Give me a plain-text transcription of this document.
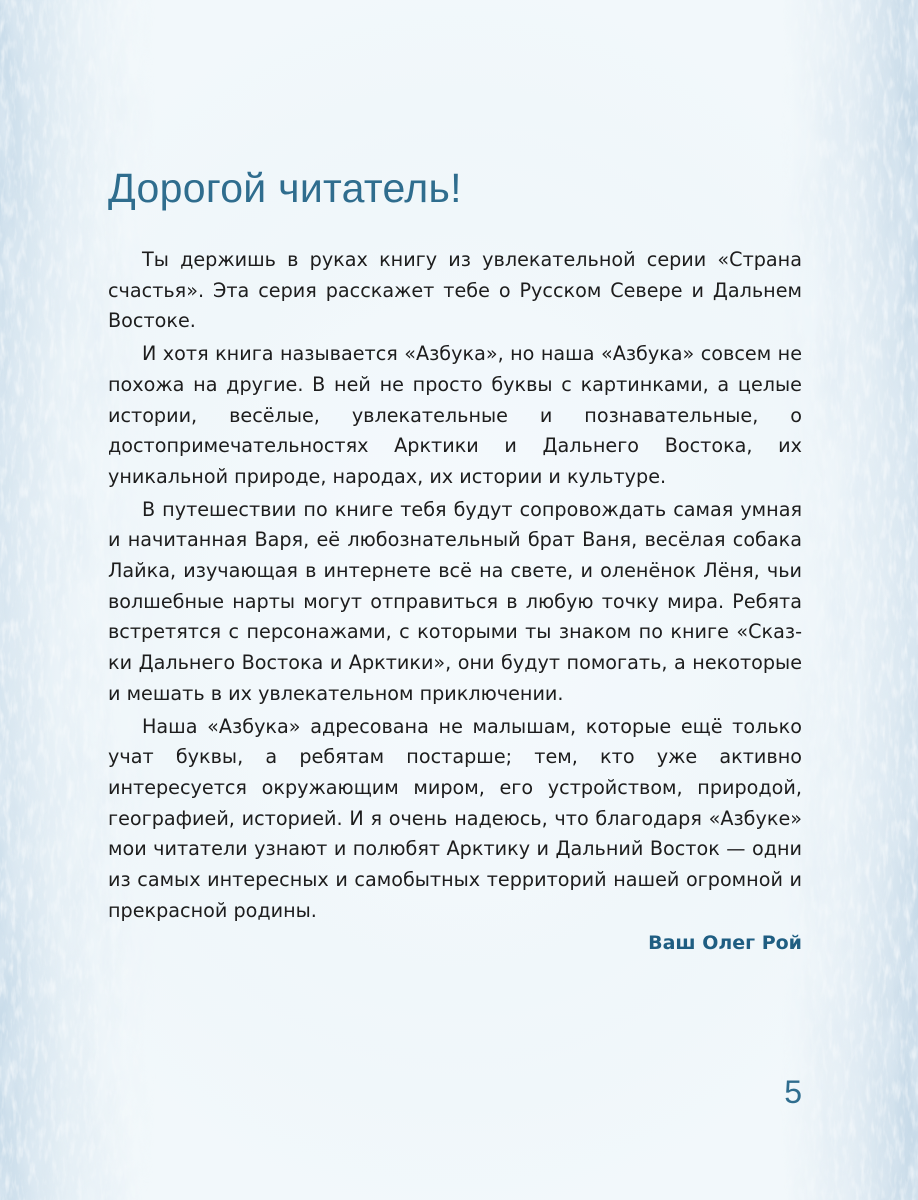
Дорогой читатель!

Ты держишь в руках книгу из увлекательной серии «Страна счастья». Эта серия расскажет тебе о Русском Севере и Дальнем Востоке.

И хотя книга называется «Азбука», но наша «Азбука» совсем не похожа на другие. В ней не просто буквы с картинками, а целые истории, весёлые, увлекательные и познавательные, о достопримечательностях Арктики и Дальнего Востока, их уникальной природе, народах, их истории и культуре.

В путешествии по книге тебя будут сопровождать самая умная и начитанная Варя, её любознательный брат Ваня, весёлая собака Лайка, изучающая в интернете всё на свете, и оленёнок Лёня, чьи волшебные нарты могут отправиться в любую точку мира. Ребята встретятся с персонажами, с которыми ты знаком по книге «Сказки Дальнего Востока и Арктики», они будут помогать, а некоторые и мешать в их увлекательном приключении.

Наша «Азбука» адресована не малышам, которые ещё только учат буквы, а ребятам постарше; тем, кто уже активно интересуется окружающим миром, его устройством, природой, географией, историей. И я очень надеюсь, что благодаря «Азбуке» мои читатели узнают и полюбят Арктику и Дальний Восток — одни из самых интересных и самобытных территорий нашей огромной и прекрасной родины.

Ваш Олег Рой
5
